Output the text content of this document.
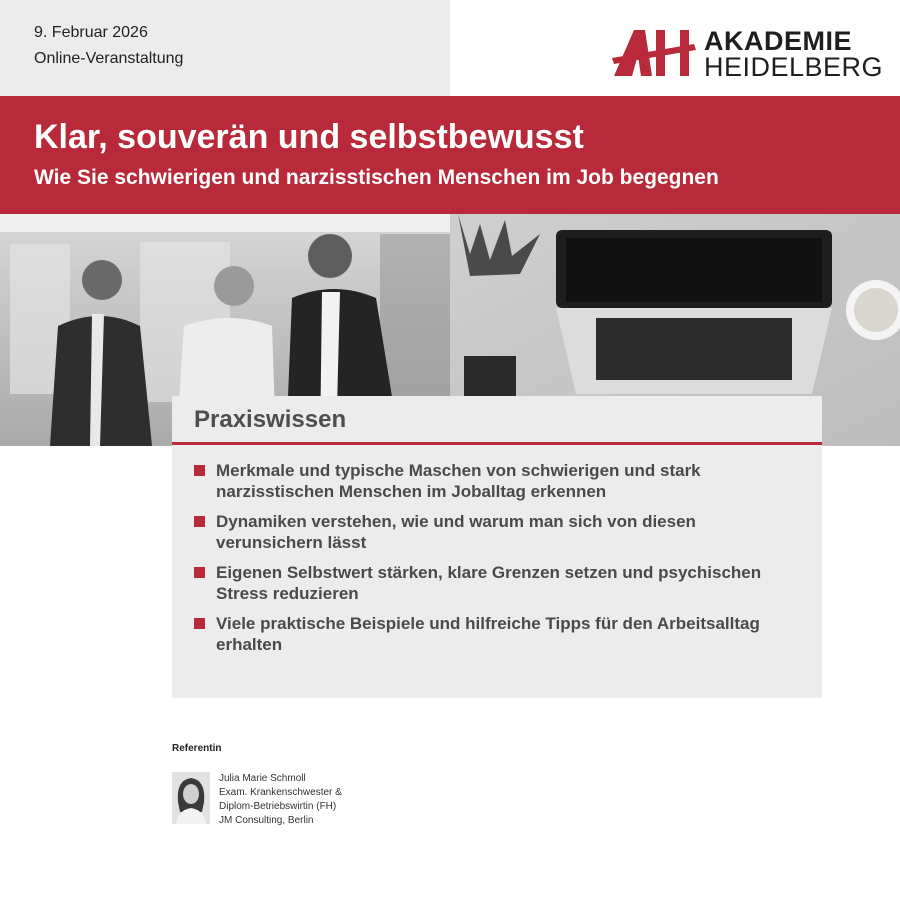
9. Februar 2026
Online-Veranstaltung
AKADEMIE
HEIDELBERG
Klar, souverän und selbstbewusst
Wie Sie schwierigen und narzisstischen Menschen im Job begegnen
Praxiswissen
Merkmale und typische Maschen von schwierigen und stark narzisstischen Menschen im Joballtag erkennen
Dynamiken verstehen, wie und warum man sich von diesen verunsichern lässt
Eigenen Selbstwert stärken, klare Grenzen setzen und psychischen Stress reduzieren
Viele praktische Beispiele und hilfreiche Tipps für den Arbeitsalltag erhalten
Referentin
Julia Marie Schmoll
Exam. Krankenschwester &
Diplom-Betriebswirtin (FH)
JM Consulting, Berlin
